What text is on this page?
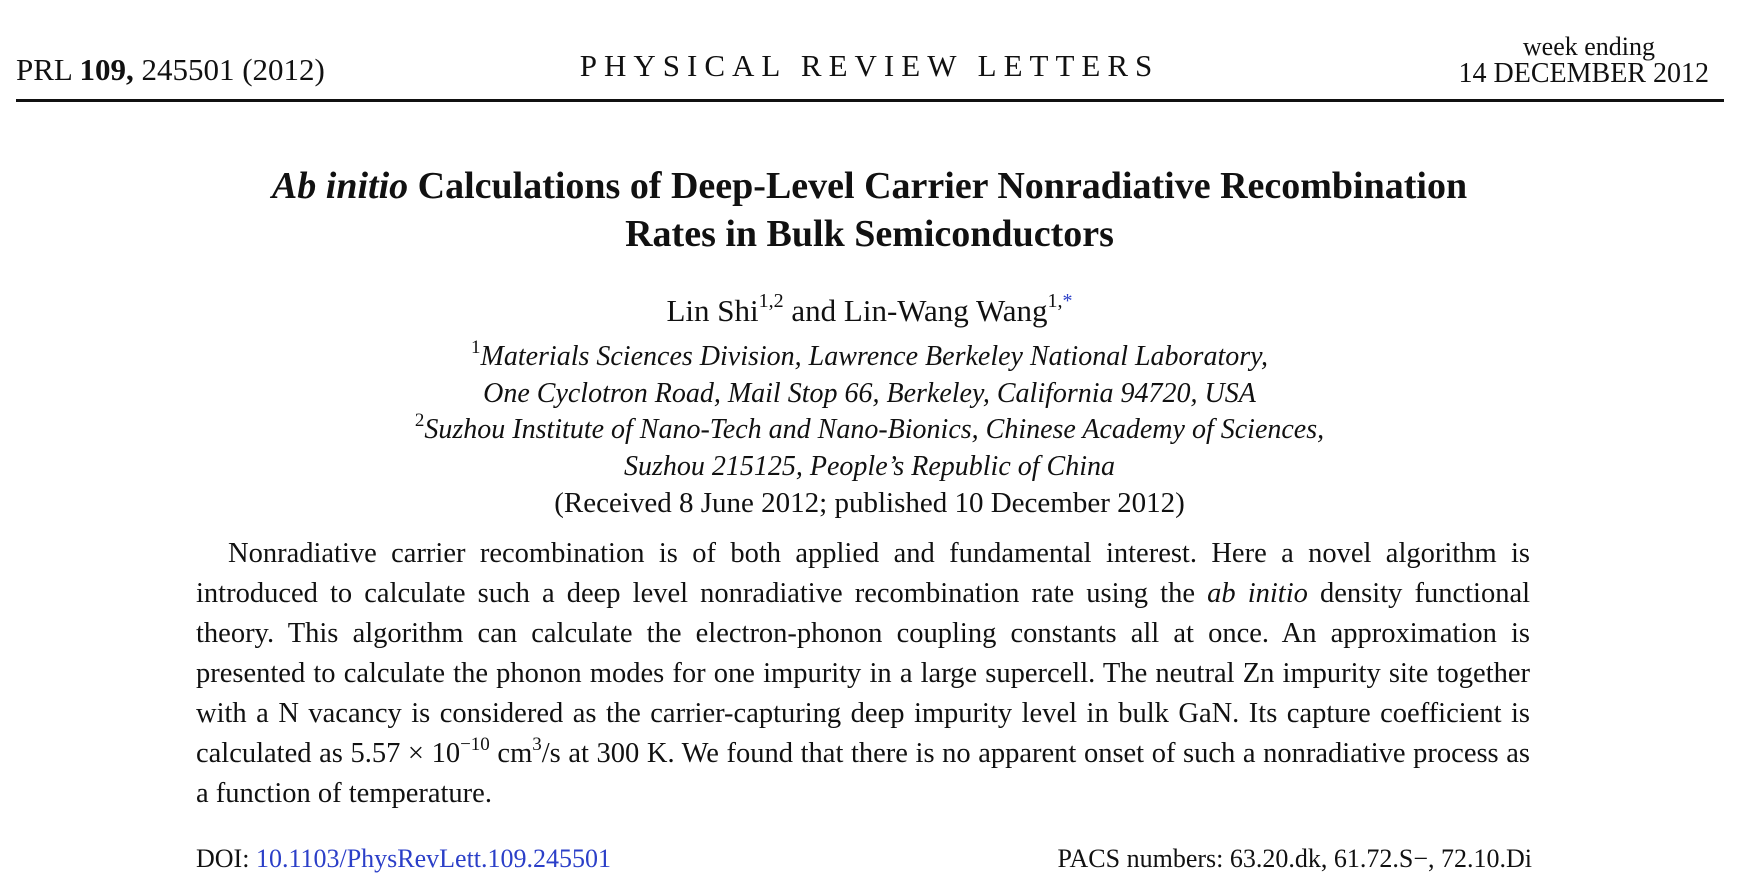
PRL 109, 245501 (2012)	PHYSICAL REVIEW LETTERS
week ending
14 DECEMBER 2012
Ab initio Calculations of Deep-Level Carrier Nonradiative Recombination
Rates in Bulk Semiconductors
Lin Shi$^{1,2}$ and Lin-Wang Wang$^{1,*}$
$^1$Materials Sciences Division, Lawrence Berkeley National Laboratory,
One Cyclotron Road, Mail Stop 66, Berkeley, California 94720, USA
$^2$Suzhou Institute of Nano-Tech and Nano-Bionics, Chinese Academy of Sciences,
Suzhou 215125, People’s Republic of China
(Received 8 June 2012; published 10 December 2012)
Nonradiative carrier recombination is of both applied and fundamental interest. Here a novel algorithm is introduced to calculate such a deep level nonradiative recombination rate using the ab initio density functional theory. This algorithm can calculate the electron-phonon coupling constants all at once. An approximation is presented to calculate the phonon modes for one impurity in a large supercell. The neutral Zn impurity site together with a N vacancy is considered as the carrier-capturing deep impurity level in bulk GaN. Its capture coefficient is calculated as $5.57 \times 10^{-10}$ $cm^3/s$ at 300 K. We found that there is no apparent onset of such a nonradiative process as a function of temperature.
DOI: 10.1103/PhysRevLett.109.245501	PACS numbers: 63.20.dk, 61.72.S−, 72.10.Di
